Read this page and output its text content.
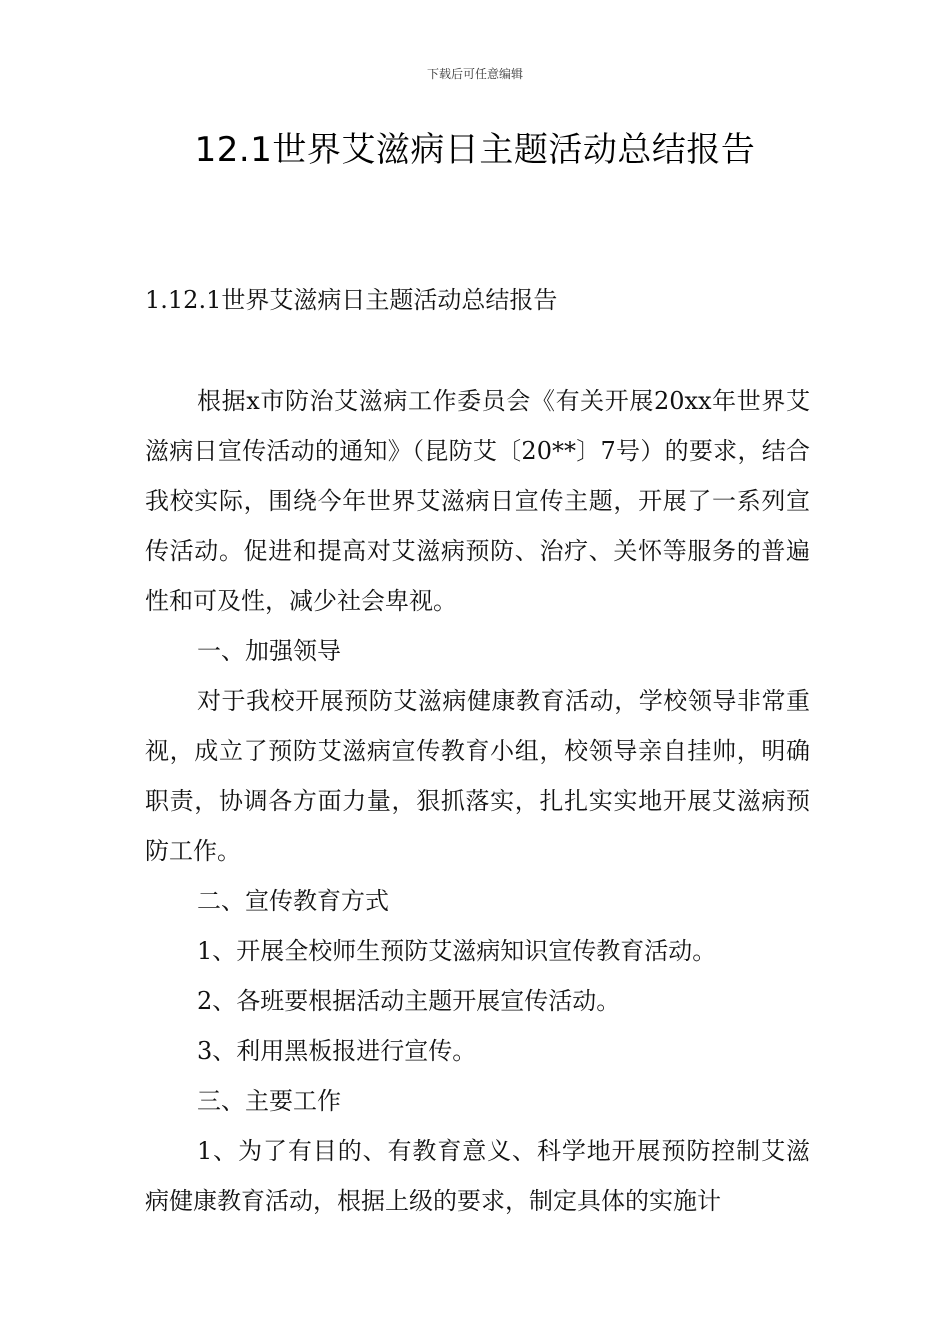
下载后可任意编辑
12.1世界艾滋病日主题活动总结报告
1.12.1世界艾滋病日主题活动总结报告

根据x市防治艾滋病工作委员会《有关开展20xx年世界艾滋病日宣传活动的通知》（昆防艾〔20**〕7号）的要求，结合我校实际，围绕今年世界艾滋病日宣传主题，开展了一系列宣传活动。促进和提高对艾滋病预防、治疗、关怀等服务的普遍性和可及性，减少社会卑视。

一、加强领导

对于我校开展预防艾滋病健康教育活动，学校领导非常重视，成立了预防艾滋病宣传教育小组，校领导亲自挂帅，明确职责，协调各方面力量，狠抓落实，扎扎实实地开展艾滋病预防工作。

二、宣传教育方式

1、开展全校师生预防艾滋病知识宣传教育活动。

2、各班要根据活动主题开展宣传活动。

3、利用黑板报进行宣传。

三、主要工作

1、为了有目的、有教育意义、科学地开展预防控制艾滋病健康教育活动，根据上级的要求，制定具体的实施计
